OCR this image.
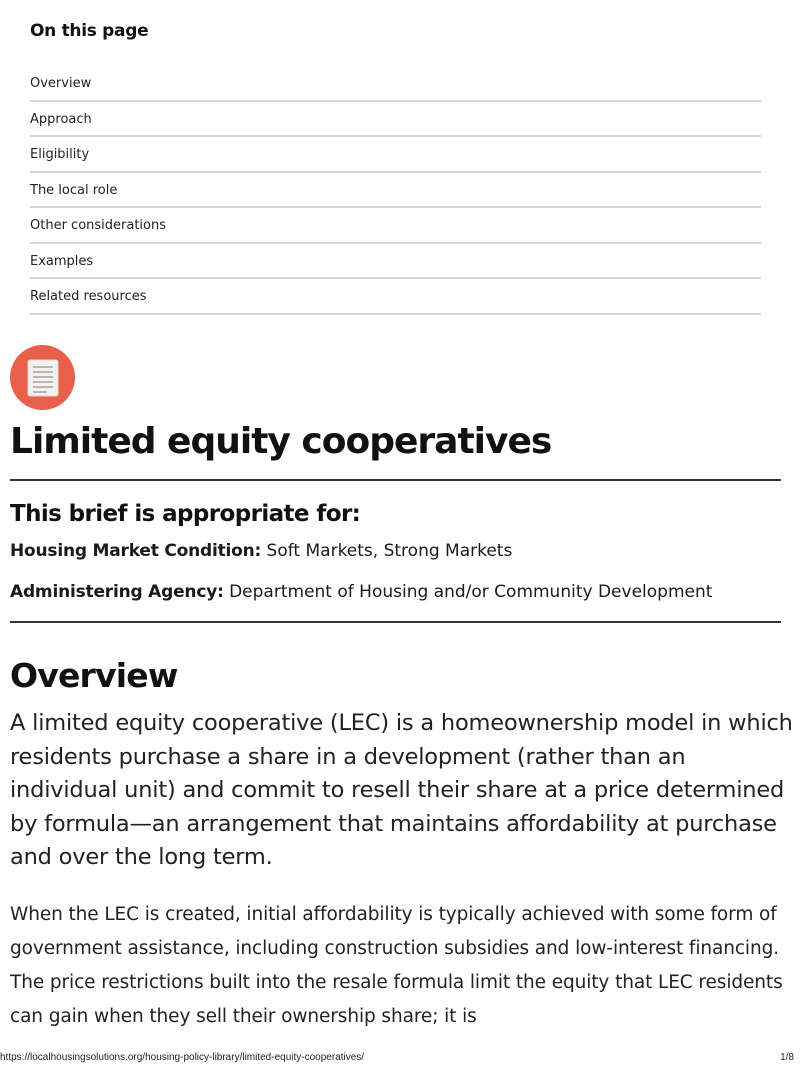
On this page
Overview
Approach
Eligibility
The local role
Other considerations
Examples
Related resources
Limited equity cooperatives
This brief is appropriate for:

Housing Market Condition: Soft Markets, Strong Markets

Administering Agency: Department of Housing and/or Community Development

Overview

A limited equity cooperative (LEC) is a homeownership model in which residents purchase a share in a development (rather than an individual unit) and commit to resell their share at a price determined by formula—an arrangement that maintains affordability at purchase and over the long term.

When the LEC is created, initial affordability is typically achieved with some form of government assistance, including construction subsidies and low-interest financing. The price restrictions built into the resale formula limit the equity that LEC residents can gain when they sell their ownership share; it is

https://localhousingsolutions.org/housing-policy-library/limited-equity-cooperatives/	1/8
